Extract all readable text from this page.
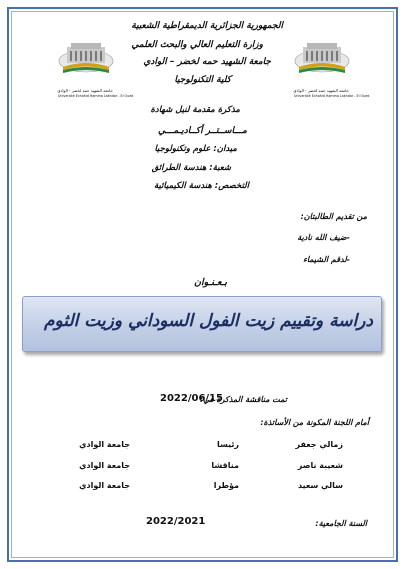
الجمهورية الجزائرية الديمقراطية الشعبية
وزارة التعليم العالي والبحث العلمي
جامعة الشهيد حمه لخضر – الوادي
كلية التكنولوجيا
جامعة الشهيد حمه لخضر - الوادي
Université Echahid Hamma Lakhdar - El Oued
جامعة الشهيد حمه لخضر - الوادي
Université Echahid Hamma Lakhdar - El Oued
مذكرة مقدمة لنيل شهادة
مـــاســتــر أكــاديـمـــي
ميدان: علوم وتكنولوجيا
شعبة: هندسة الطرائق
التخصص: هندسة الكيميائية
من تقديم الطالبتان:
-ضيف الله نادية
-لدقم الشيماء
بـعـنـوان
دراسة وتقييم زيت الفول السوداني وزيت الثوم
تمت مناقشة المذكرة في:
2022/06/15
أمام اللجنة المكونة من الأساتذة:
زمالي جعفر
رئيسا
جامعة الوادي
شعيبة ناصر
مناقشا
جامعة الوادي
سالي سعيد
مؤطرا
جامعة الوادي
السنة الجامعية:
2022/2021
